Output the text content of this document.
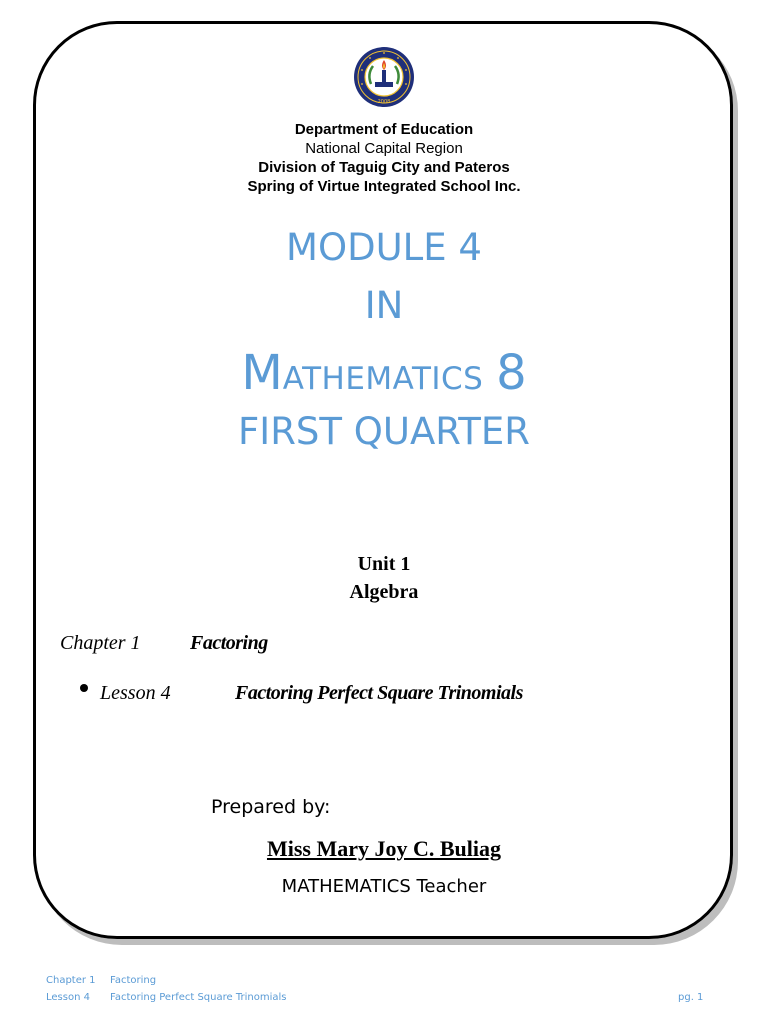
2008
Department of Education
National Capital Region
Division of Taguig City and Pateros
Spring of Virtue Integrated School Inc.
MODULE 4
IN
MATHEMATICS 8
FIRST QUARTER
Unit 1
Algebra
Chapter 1 Factoring
Lesson 4	Factoring Perfect Square Trinomials
Prepared by:
Miss Mary Joy C. Buliag
MATHEMATICS Teacher
Chapter 1 Factoring
Lesson 4 Factoring Perfect Square Trinomials	pg. 1
